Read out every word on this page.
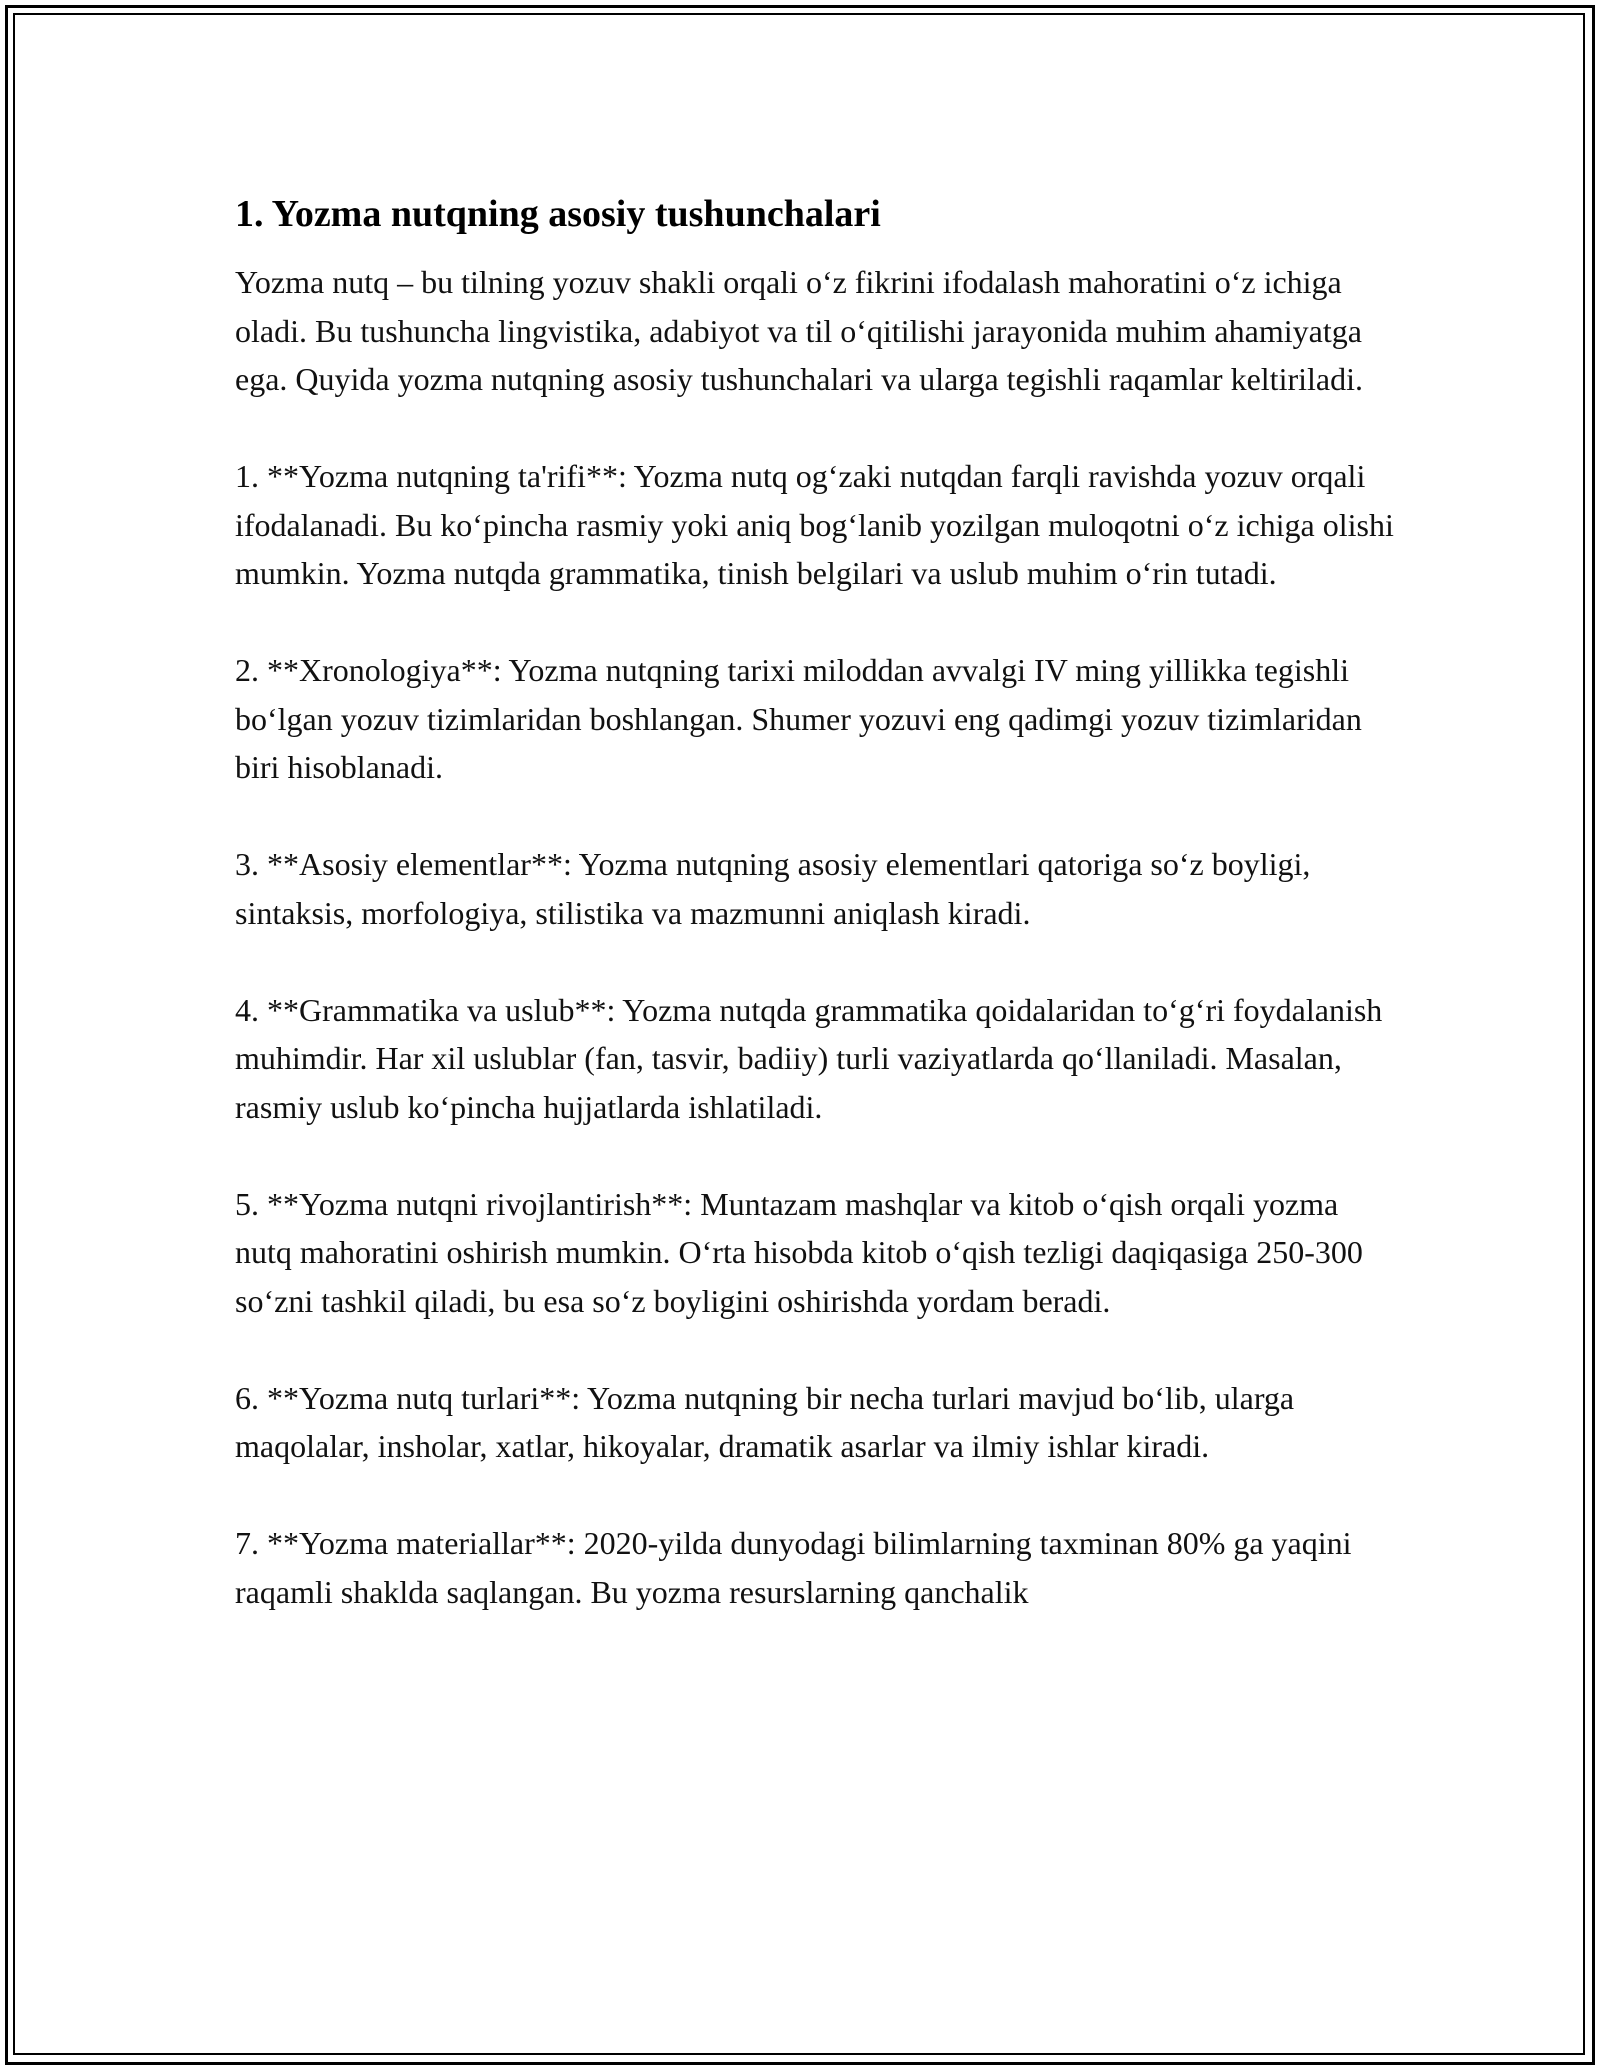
1. Yozma nutqning asosiy tushunchalari

Yozma nutq – bu tilning yozuv shakli orqali o‘z fikrini ifodalash mahoratini o‘z ichiga oladi. Bu tushuncha lingvistika, adabiyot va til o‘qitilishi jarayonida muhim ahamiyatga ega. Quyida yozma nutqning asosiy tushunchalari va ularga tegishli raqamlar keltiriladi.

1. **Yozma nutqning ta'rifi**: Yozma nutq og‘zaki nutqdan farqli ravishda yozuv orqali ifodalanadi. Bu ko‘pincha rasmiy yoki aniq bog‘lanib yozilgan muloqotni o‘z ichiga olishi mumkin. Yozma nutqda grammatika, tinish belgilari va uslub muhim o‘rin tutadi.

2. **Xronologiya**: Yozma nutqning tarixi miloddan avvalgi IV ming yillikka tegishli bo‘lgan yozuv tizimlaridan boshlangan. Shumer yozuvi eng qadimgi yozuv tizimlaridan biri hisoblanadi.

3. **Asosiy elementlar**: Yozma nutqning asosiy elementlari qatoriga so‘z boyligi, sintaksis, morfologiya, stilistika va mazmunni aniqlash kiradi.

4. **Grammatika va uslub**: Yozma nutqda grammatika qoidalaridan to‘g‘ri foydalanish muhimdir. Har xil uslublar (fan, tasvir, badiiy) turli vaziyatlarda qo‘llaniladi. Masalan, rasmiy uslub ko‘pincha hujjatlarda ishlatiladi.

5. **Yozma nutqni rivojlantirish**: Muntazam mashqlar va kitob o‘qish orqali yozma nutq mahoratini oshirish mumkin. O‘rta hisobda kitob o‘qish tezligi daqiqasiga 250-300 so‘zni tashkil qiladi, bu esa so‘z boyligini oshirishda yordam beradi.

6. **Yozma nutq turlari**: Yozma nutqning bir necha turlari mavjud bo‘lib, ularga maqolalar, insholar, xatlar, hikoyalar, dramatik asarlar va ilmiy ishlar kiradi.

7. **Yozma materiallar**: 2020-yilda dunyodagi bilimlarning taxminan 80% ga yaqini raqamli shaklda saqlangan. Bu yozma resurslarning qanchalik
